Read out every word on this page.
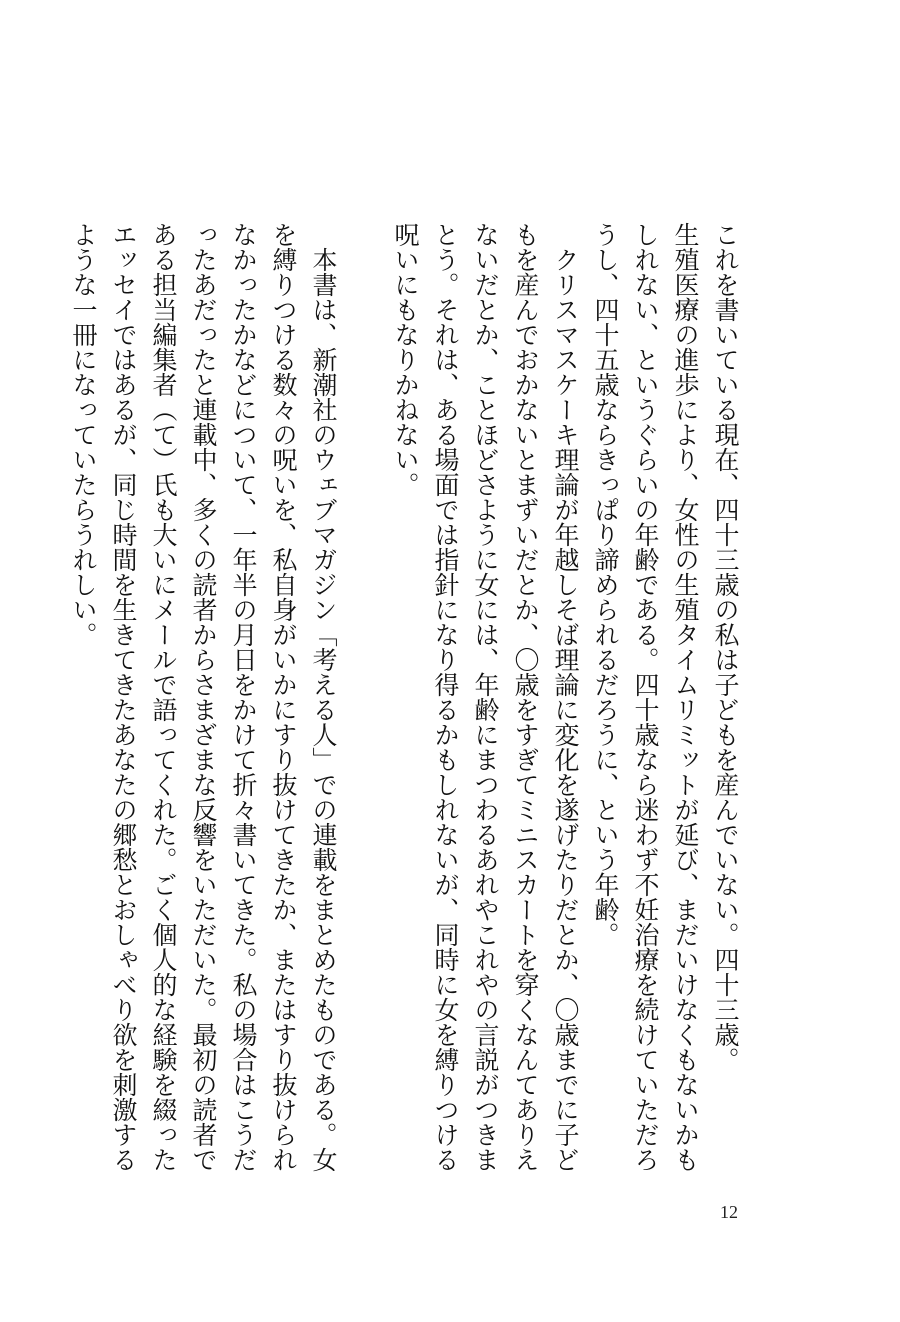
これを書いている現在、四十三歳の私は子どもを産んでいない。四十三歳。

生殖医療の進歩により、女性の生殖タイムリミットが延び、まだいけなくもないかもしれない、というぐらいの年齢である。四十歳なら迷わず不妊治療を続けていただろうし、四十五歳ならきっぱり諦められるだろうに、という年齢。

クリスマスケーキ理論が年越しそば理論に変化を遂げたりだとか、〇歳までに子どもを産んでおかないとまずいだとか、〇歳をすぎてミニスカートを穿くなんてありえないだとか、ことほどさように女には、年齢にまつわるあれやこれやの言説がつきまとう。それは、ある場面では指針になり得るかもしれないが、同時に女を縛りつける呪いにもなりかねない。

本書は、新潮社のウェブマガジン「考える人」での連載をまとめたものである。女を縛りつける数々の呪いを、私自身がいかにすり抜けてきたか、またはすり抜けられなかったかなどについて、一年半の月日をかけて折々書いてきた。私の場合はこうだったあだったと連載中、多くの読者からさまざまな反響をいただいた。最初の読者である担当編集者（て）氏も大いにメールで語ってくれた。ごく個人的な経験を綴ったエッセイではあるが、同じ時間を生きてきたあなたの郷愁とおしゃべり欲を刺激するような一冊になっていたらうれしい。

12
